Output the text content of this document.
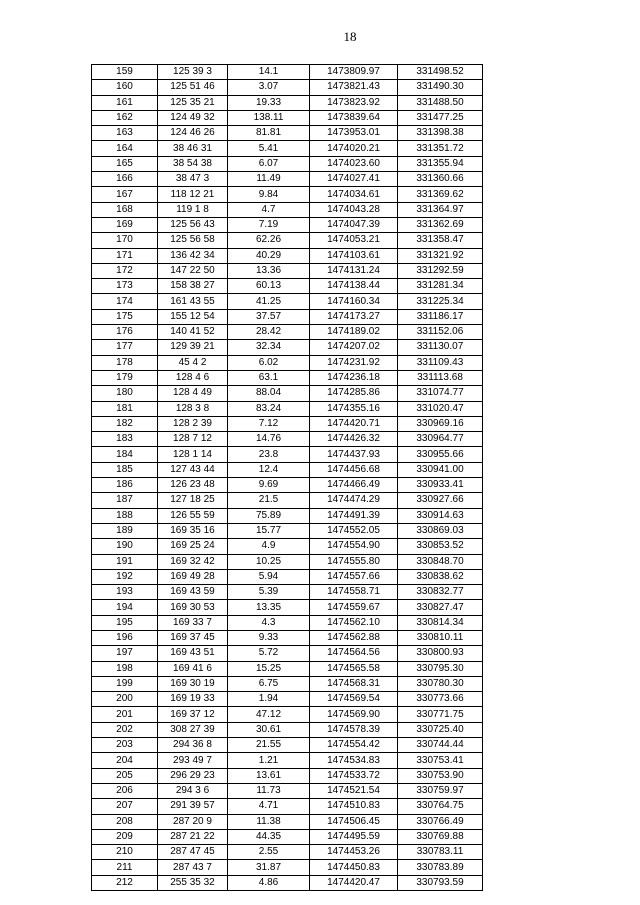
18
159	125 39 3	14.1	1473809.97	331498.52
160	125 51 46	3.07	1473821.43	331490.30
161	125 35 21	19.33	1473823.92	331488.50
162	124 49 32	138.11	1473839.64	331477.25
163	124 46 26	81.81	1473953.01	331398.38
164	38 46 31	5.41	1474020.21	331351.72
165	38 54 38	6.07	1474023.60	331355.94
166	38 47 3	11.49	1474027.41	331360.66
167	118 12 21	9.84	1474034.61	331369.62
168	119 1 8	4.7	1474043.28	331364.97
169	125 56 43	7.19	1474047.39	331362.69
170	125 56 58	62.26	1474053.21	331358.47
171	136 42 34	40.29	1474103.61	331321.92
172	147 22 50	13.36	1474131.24	331292.59
173	158 38 27	60.13	1474138.44	331281.34
174	161 43 55	41.25	1474160.34	331225.34
175	155 12 54	37.57	1474173.27	331186.17
176	140 41 52	28.42	1474189.02	331152.06
177	129 39 21	32.34	1474207.02	331130.07
178	45 4 2	6.02	1474231.92	331109.43
179	128 4 6	63.1	1474236.18	331113.68
180	128 4 49	88.04	1474285.86	331074.77
181	128 3 8	83.24	1474355.16	331020.47
182	128 2 39	7.12	1474420.71	330969.16
183	128 7 12	14.76	1474426.32	330964.77
184	128 1 14	23.8	1474437.93	330955.66
185	127 43 44	12.4	1474456.68	330941.00
186	126 23 48	9.69	1474466.49	330933.41
187	127 18 25	21.5	1474474.29	330927.66
188	126 55 59	75.89	1474491.39	330914.63
189	169 35 16	15.77	1474552.05	330869.03
190	169 25 24	4.9	1474554.90	330853.52
191	169 32 42	10.25	1474555.80	330848.70
192	169 49 28	5.94	1474557.66	330838.62
193	169 43 59	5.39	1474558.71	330832.77
194	169 30 53	13.35	1474559.67	330827.47
195	169 33 7	4.3	1474562.10	330814.34
196	169 37 45	9.33	1474562.88	330810.11
197	169 43 51	5.72	1474564.56	330800.93
198	169 41 6	15.25	1474565.58	330795.30
199	169 30 19	6.75	1474568.31	330780.30
200	169 19 33	1.94	1474569.54	330773.66
201	169 37 12	47.12	1474569.90	330771.75
202	308 27 39	30.61	1474578.39	330725.40
203	294 36 8	21.55	1474554.42	330744.44
204	293 49 7	1.21	1474534.83	330753.41
205	296 29 23	13.61	1474533.72	330753.90
206	294 3 6	11.73	1474521.54	330759.97
207	291 39 57	4.71	1474510.83	330764.75
208	287 20 9	11.38	1474506.45	330766.49
209	287 21 22	44.35	1474495.59	330769.88
210	287 47 45	2.55	1474453.26	330783.11
211	287 43 7	31.87	1474450.83	330783.89
212	255 35 32	4.86	1474420.47	330793.59
